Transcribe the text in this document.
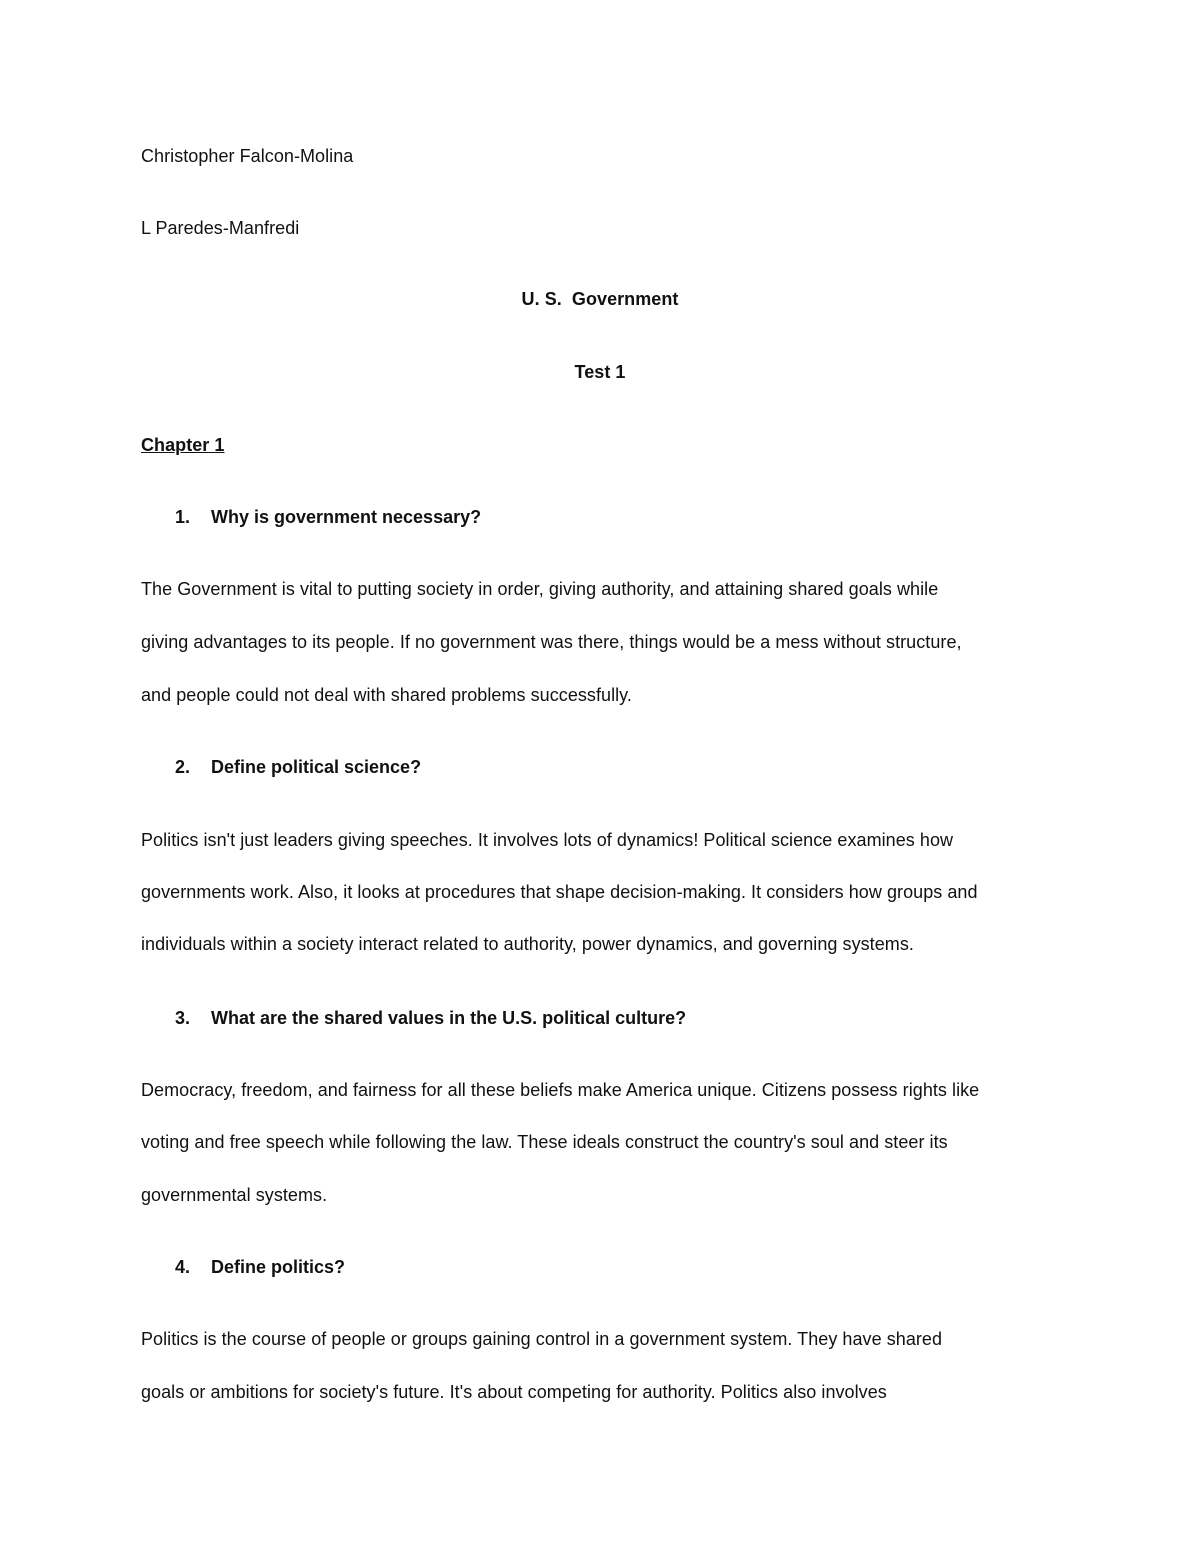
Christopher Falcon-Molina
L Paredes-Manfredi
U. S.  Government
Test 1
Chapter 1
1. Why is government necessary?
The Government is vital to putting society in order, giving authority, and attaining shared goals while
giving advantages to its people. If no government was there, things would be a mess without structure,
and people could not deal with shared problems successfully.
2. Define political science?
Politics isn't just leaders giving speeches. It involves lots of dynamics! Political science examines how
governments work. Also, it looks at procedures that shape decision-making. It considers how groups and
individuals within a society interact related to authority, power dynamics, and governing systems.
3. What are the shared values in the U.S. political culture?
Democracy, freedom, and fairness for all these beliefs make America unique. Citizens possess rights like
voting and free speech while following the law. These ideals construct the country's soul and steer its
governmental systems.
4. Define politics?
Politics is the course of people or groups gaining control in a government system. They have shared
goals or ambitions for society's future. It's about competing for authority. Politics also involves
